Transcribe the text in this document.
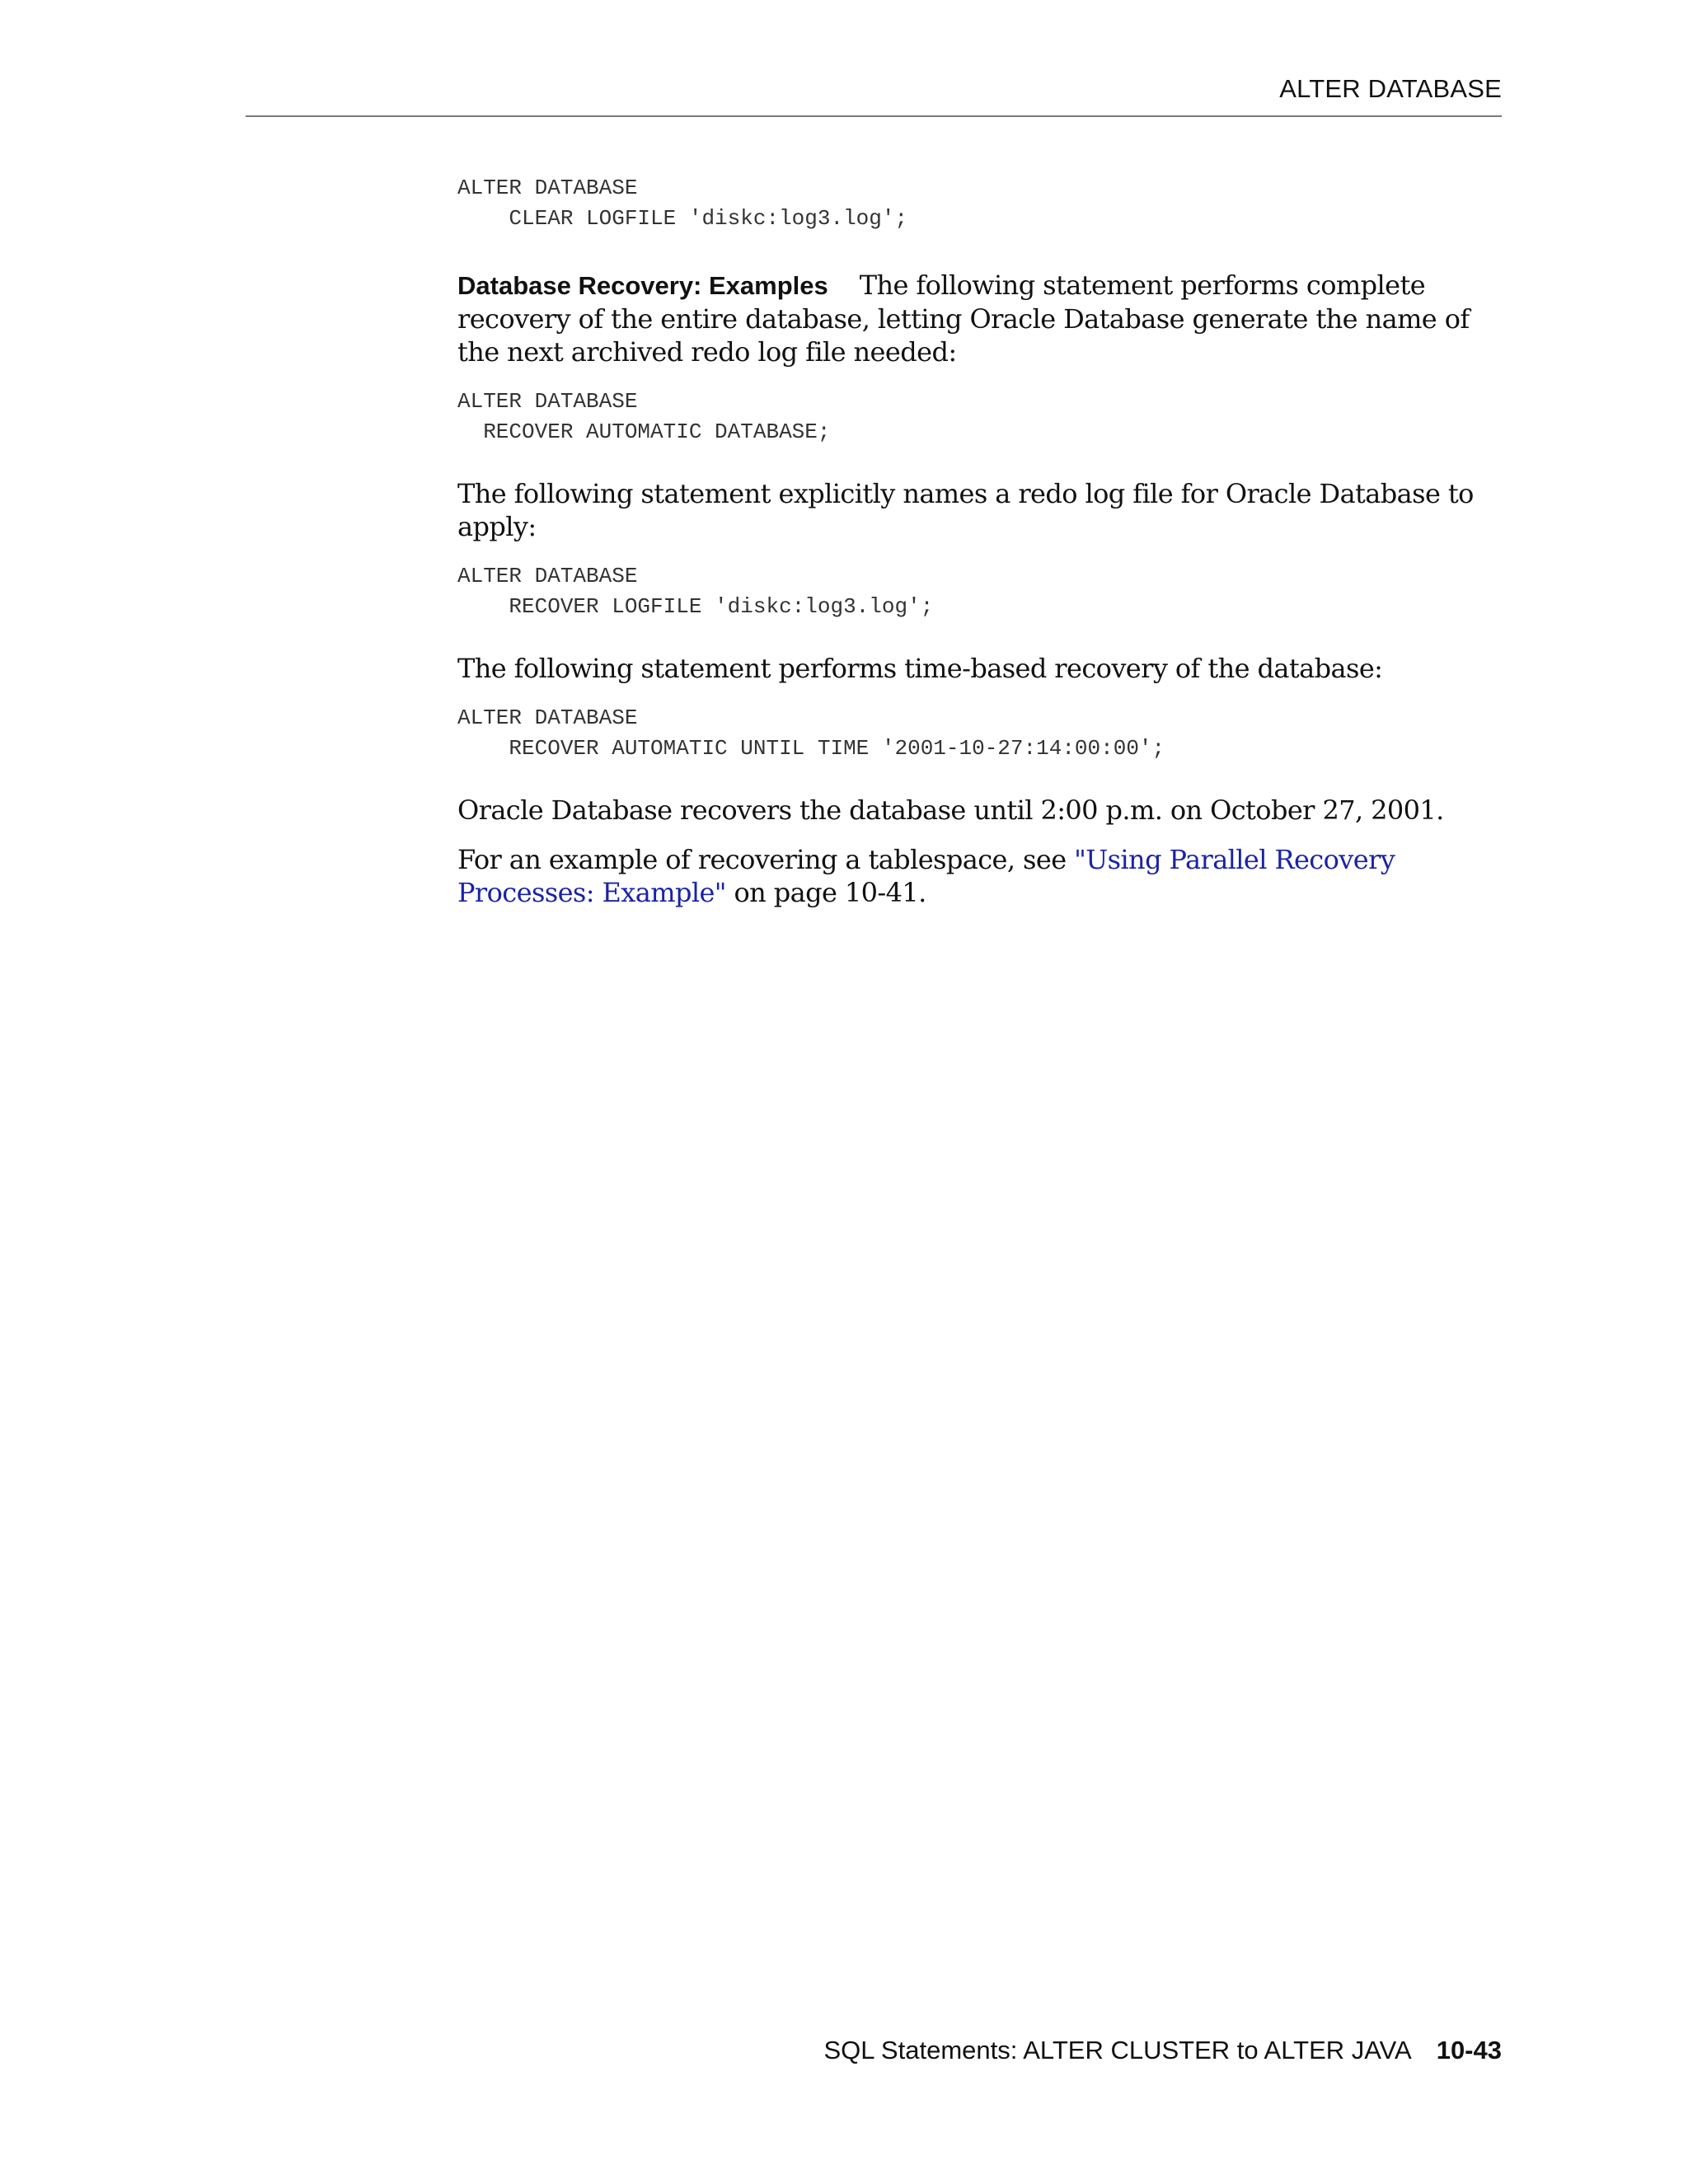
ALTER DATABASE
ALTER DATABASE
CLEAR LOGFILE 'diskc:log3.log';

Database Recovery: Examples The following statement performs complete recovery of the entire database, letting Oracle Database generate the name of the next archived redo log file needed:

ALTER DATABASE
RECOVER AUTOMATIC DATABASE;

The following statement explicitly names a redo log file for Oracle Database to apply:

ALTER DATABASE
RECOVER LOGFILE 'diskc:log3.log';

The following statement performs time-based recovery of the database:

ALTER DATABASE
RECOVER AUTOMATIC UNTIL TIME '2001-10-27:14:00:00';

Oracle Database recovers the database until 2:00 p.m. on October 27, 2001.

For an example of recovering a tablespace, see "Using Parallel Recovery Processes: Example" on page 10-41.

SQL Statements: ALTER CLUSTER to ALTER JAVA 10-43
